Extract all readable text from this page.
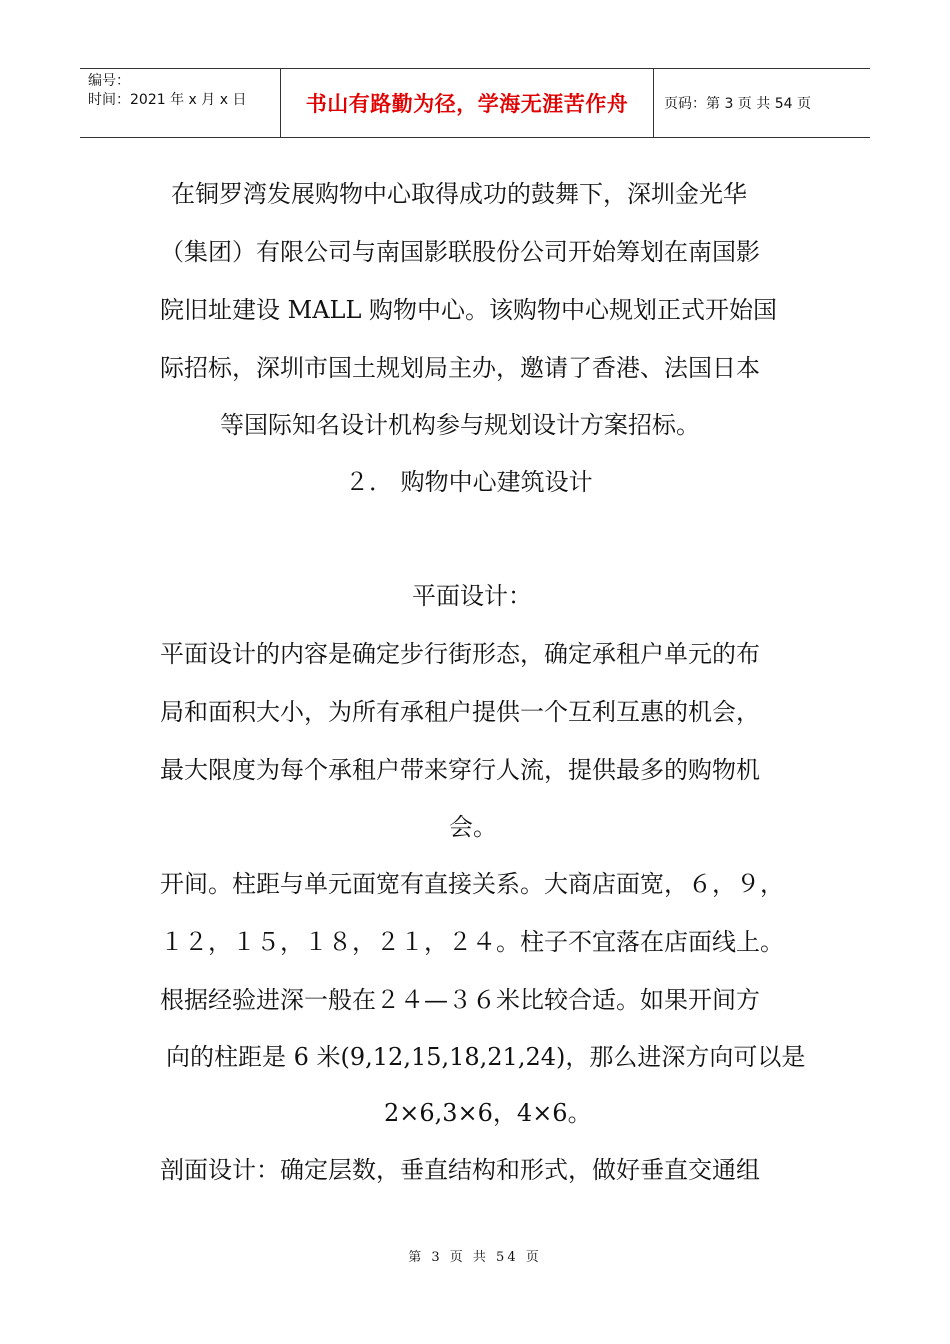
编号：
时间：2021 年 x 月 x 日	书山有路勤为径，学海无涯苦作舟	页码：第 3 页 共 54 页
在铜罗湾发展购物中心取得成功的鼓舞下，深圳金光华
（集团）有限公司与南国影联股份公司开始筹划在南国影
院旧址建设 MALL 购物中心。该购物中心规划正式开始国
际招标，深圳市国土规划局主办，邀请了香港、法国日本
等国际知名设计机构参与规划设计方案招标。
２． 购物中心建筑设计
平面设计：
平面设计的内容是确定步行街形态，确定承租户单元的布
局和面积大小，为所有承租户提供一个互利互惠的机会，
最大限度为每个承租户带来穿行人流，提供最多的购物机
会。
开间。柱距与单元面宽有直接关系。大商店面宽，６，９，
１２，１５，１８，２１，２４。柱子不宜落在店面线上。
根据经验进深一般在２４—３６米比较合适。如果开间方
向的柱距是 6 米(9,12,15,18,21,24)，那么进深方向可以是
2×6,3×6，4×6。
剖面设计：确定层数，垂直结构和形式，做好垂直交通组
第 3 页 共 54 页
